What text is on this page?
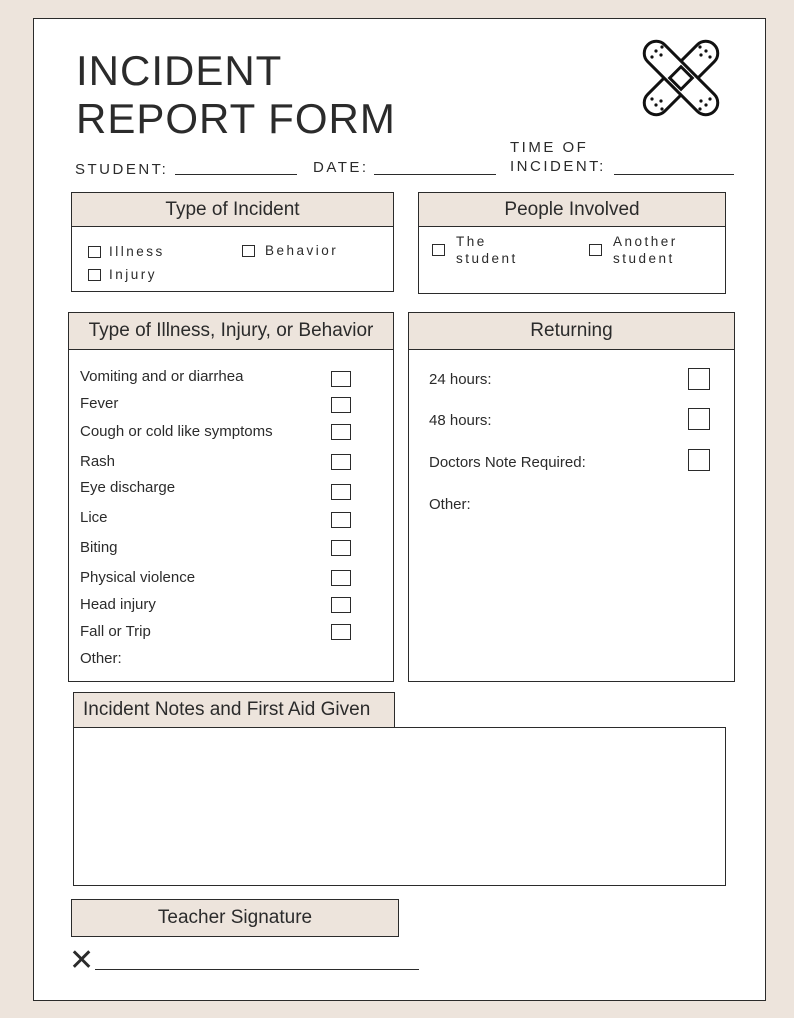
INCIDENT
REPORT FORM
STUDENT:	DATE:
TIME OF
INCIDENT:
Type of Incident
Illness	Behavior
Injury
People Involved
The
student
Another
student
Type of Illness, Injury, or Behavior
Vomiting and or diarrhea
Fever
Cough or cold like symptoms
Rash
Eye discharge
Lice
Biting
Physical violence
Head injury
Fall or Trip
Other:
Returning
24 hours:
48 hours:
Doctors Note Required:
Other:
Incident Notes and First Aid Given
Teacher Signature
✕
